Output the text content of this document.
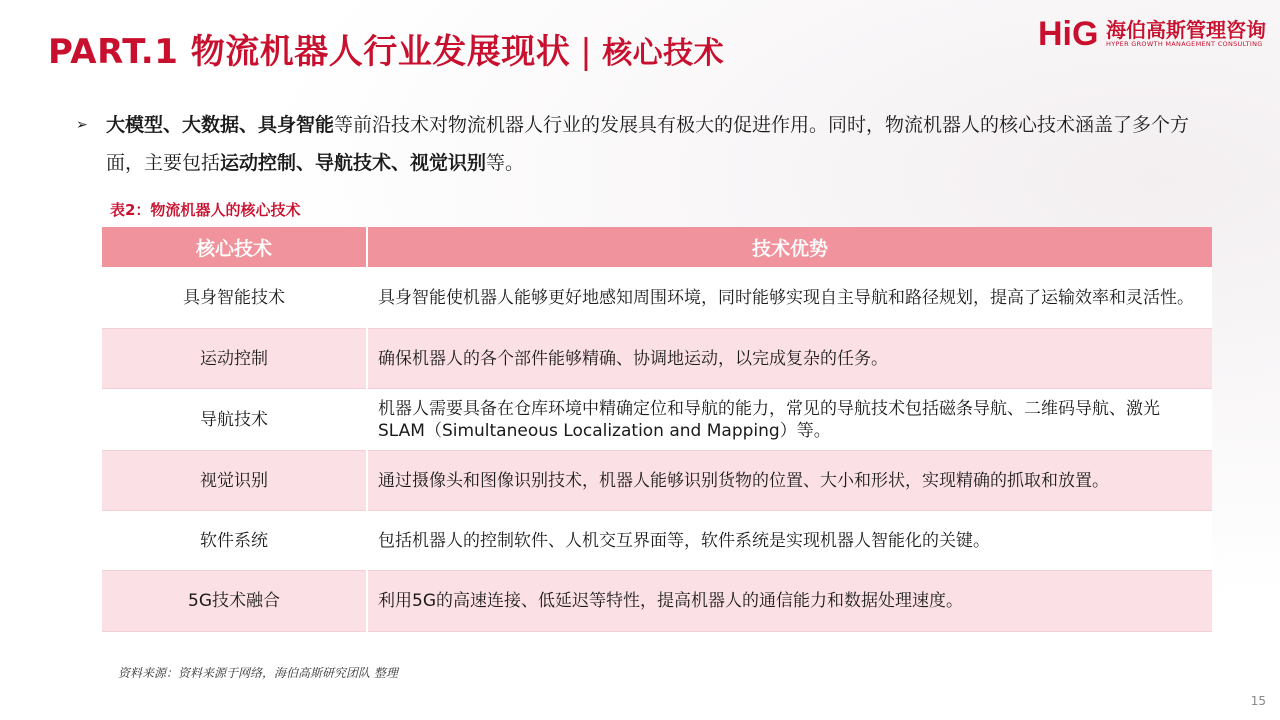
PART.1 物流机器人行业发展现状 | 核心技术
HiG 海伯高斯管理咨询
HYPER GROWTH MANAGEMENT CONSULTING
➢ 大模型、大数据、具身智能等前沿技术对物流机器人行业的发展具有极大的促进作用。同时，物流机器人的核心技术涵盖了多个方面，主要包括运动控制、导航技术、视觉识别等。
表2：物流机器人的核心技术
核心技术	技术优势
具身智能技术	具身智能使机器人能够更好地感知周围环境，同时能够实现自主导航和路径规划，提高了运输效率和灵活性。
运动控制	确保机器人的各个部件能够精确、协调地运动，以完成复杂的任务。
导航技术	机器人需要具备在仓库环境中精确定位和导航的能力，常见的导航技术包括磁条导航、二维码导航、激光SLAM（Simultaneous Localization and Mapping）等。
视觉识别	通过摄像头和图像识别技术，机器人能够识别货物的位置、大小和形状，实现精确的抓取和放置。
软件系统	包括机器人的控制软件、人机交互界面等，软件系统是实现机器人智能化的关键。
5G技术融合	利用5G的高速连接、低延迟等特性，提高机器人的通信能力和数据处理速度。
资料来源：资料来源于网络，海伯高斯研究团队 整理
15
